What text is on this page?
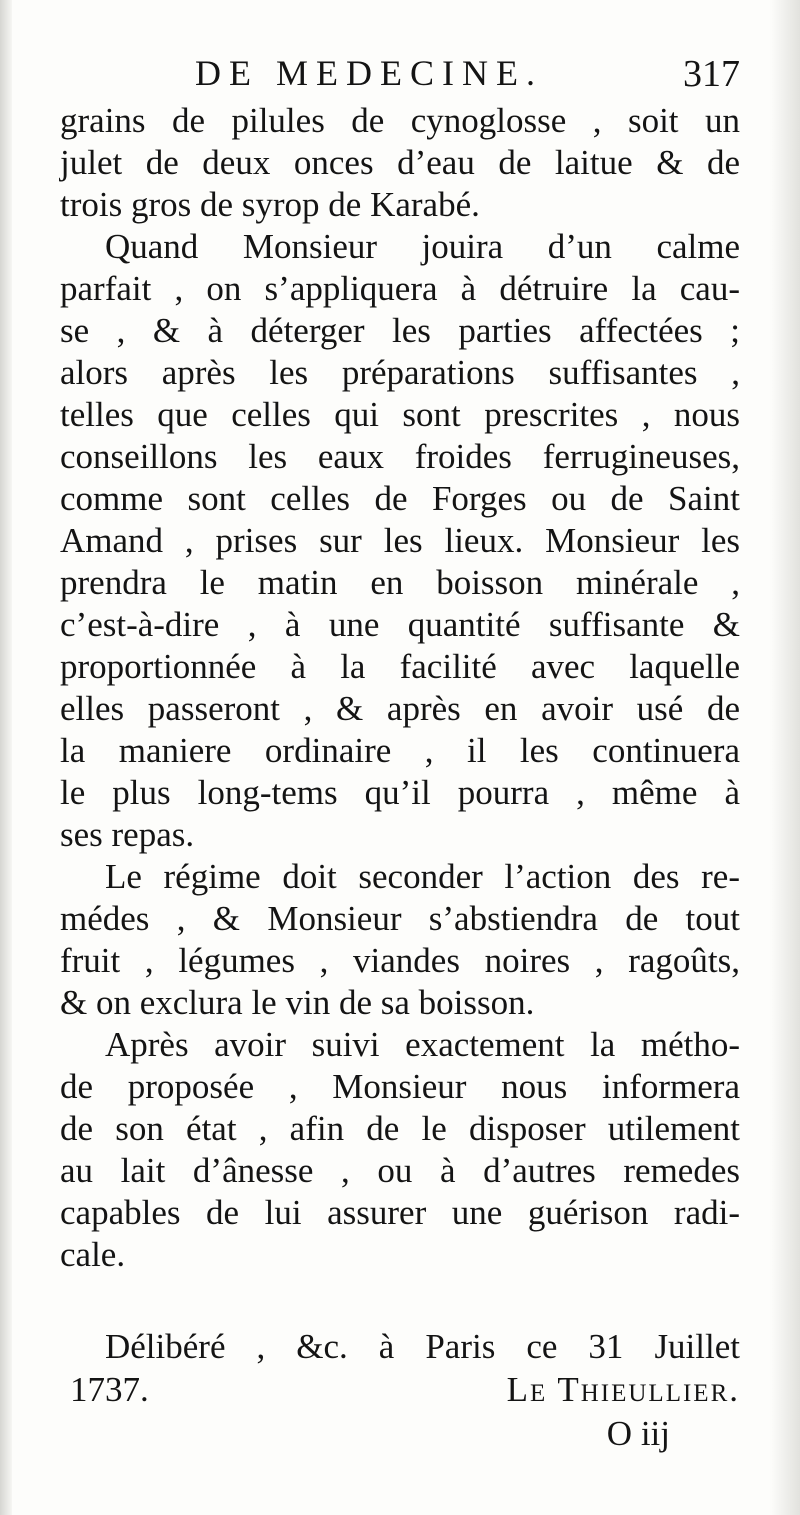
DE MEDECINE.	317
grains de pilules de cynoglosse , soit un
julet de deux onces d’eau de laitue & de
trois gros de syrop de Karabé.
Quand Monsieur jouira d’un calme
parfait , on s’appliquera à détruire la cau-
se , & à déterger les parties affectées ;
alors après les préparations suffisantes ,
telles que celles qui sont prescrites , nous
conseillons les eaux froides ferrugineuses,
comme sont celles de Forges ou de Saint
Amand , prises sur les lieux. Monsieur les
prendra le matin en boisson minérale ,
c’est-à-dire , à une quantité suffisante &
proportionnée à la facilité avec laquelle
elles passeront , & après en avoir usé de
la maniere ordinaire , il les continuera
le plus long-tems qu’il pourra , même à
ses repas.
Le régime doit seconder l’action des re-
médes , & Monsieur s’abstiendra de tout
fruit , légumes , viandes noires , ragoûts,
& on exclura le vin de sa boisson.
Après avoir suivi exactement la métho-
de proposée , Monsieur nous informera
de son état , afin de le disposer utilement
au lait d’ânesse , ou à d’autres remedes
capables de lui assurer une guérison radi-
cale.
Délibéré , &c. à Paris ce 31 Juillet
1737.	Le Thieullier.
O iij
